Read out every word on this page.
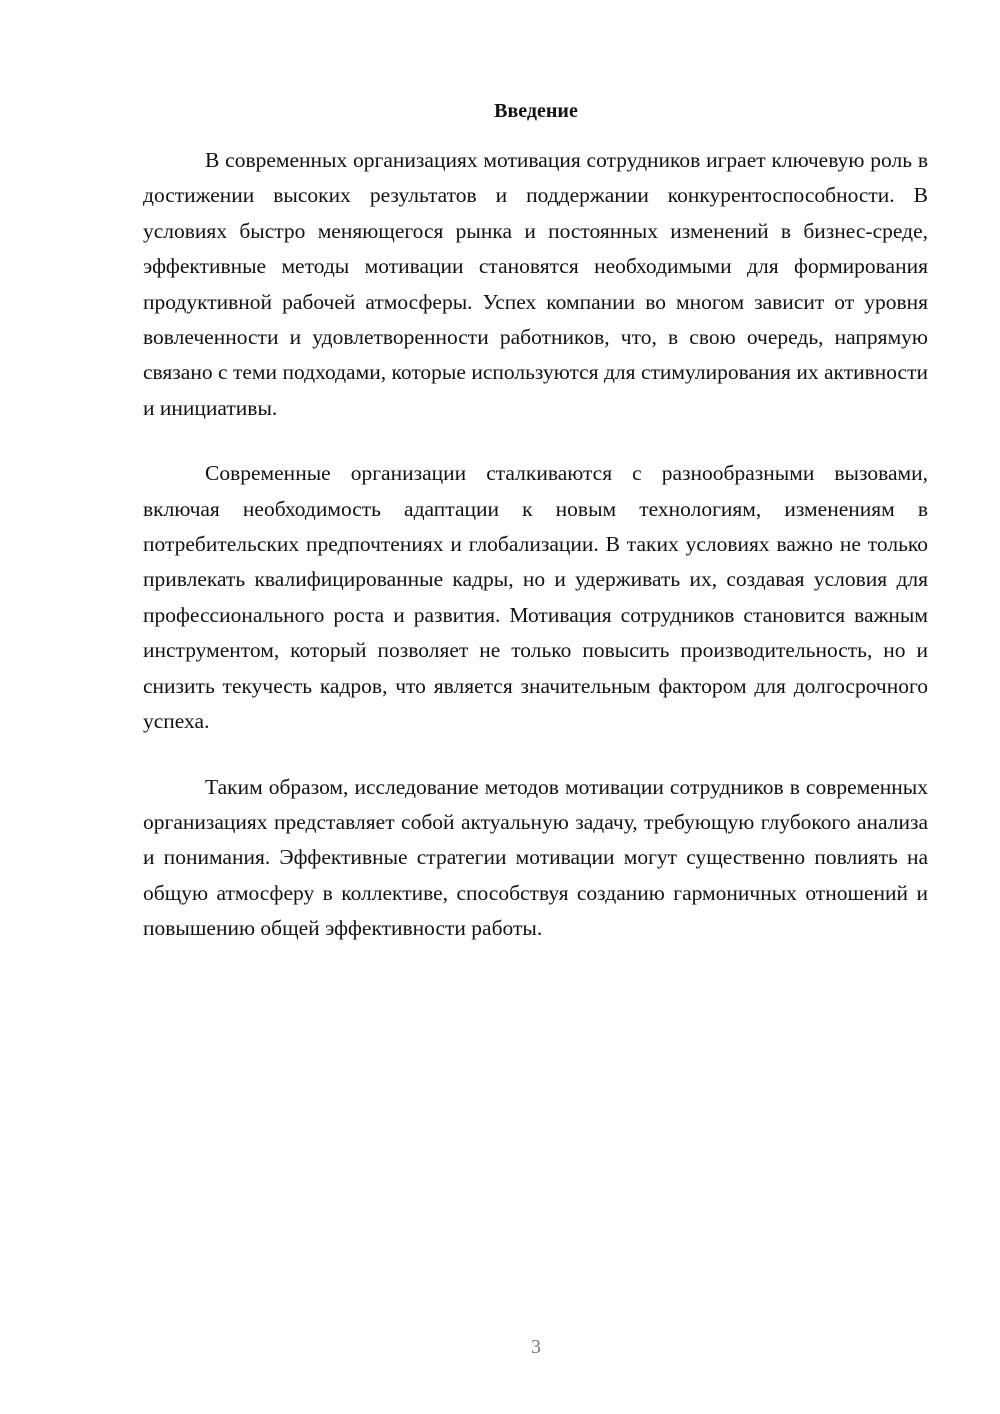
Введение

В современных организациях мотивация сотрудников играет ключевую роль в достижении высоких результатов и поддержании конкурентоспособности. В условиях быстро меняющегося рынка и постоянных изменений в бизнес-среде, эффективные методы мотивации становятся необходимыми для формирования продуктивной рабочей атмосферы. Успех компании во многом зависит от уровня вовлеченности и удовлетворенности работников, что, в свою очередь, напрямую связано с теми подходами, которые используются для стимулирования их активности и инициативы.

Современные организации сталкиваются с разнообразными вызовами, включая необходимость адаптации к новым технологиям, изменениям в потребительских предпочтениях и глобализации. В таких условиях важно не только привлекать квалифицированные кадры, но и удерживать их, создавая условия для профессионального роста и развития. Мотивация сотрудников становится важным инструментом, который позволяет не только повысить производительность, но и снизить текучесть кадров, что является значительным фактором для долгосрочного успеха.

Таким образом, исследование методов мотивации сотрудников в современных организациях представляет собой актуальную задачу, требующую глубокого анализа и понимания. Эффективные стратегии мотивации могут существенно повлиять на общую атмосферу в коллективе, способствуя созданию гармоничных отношений и повышению общей эффективности работы.

3
